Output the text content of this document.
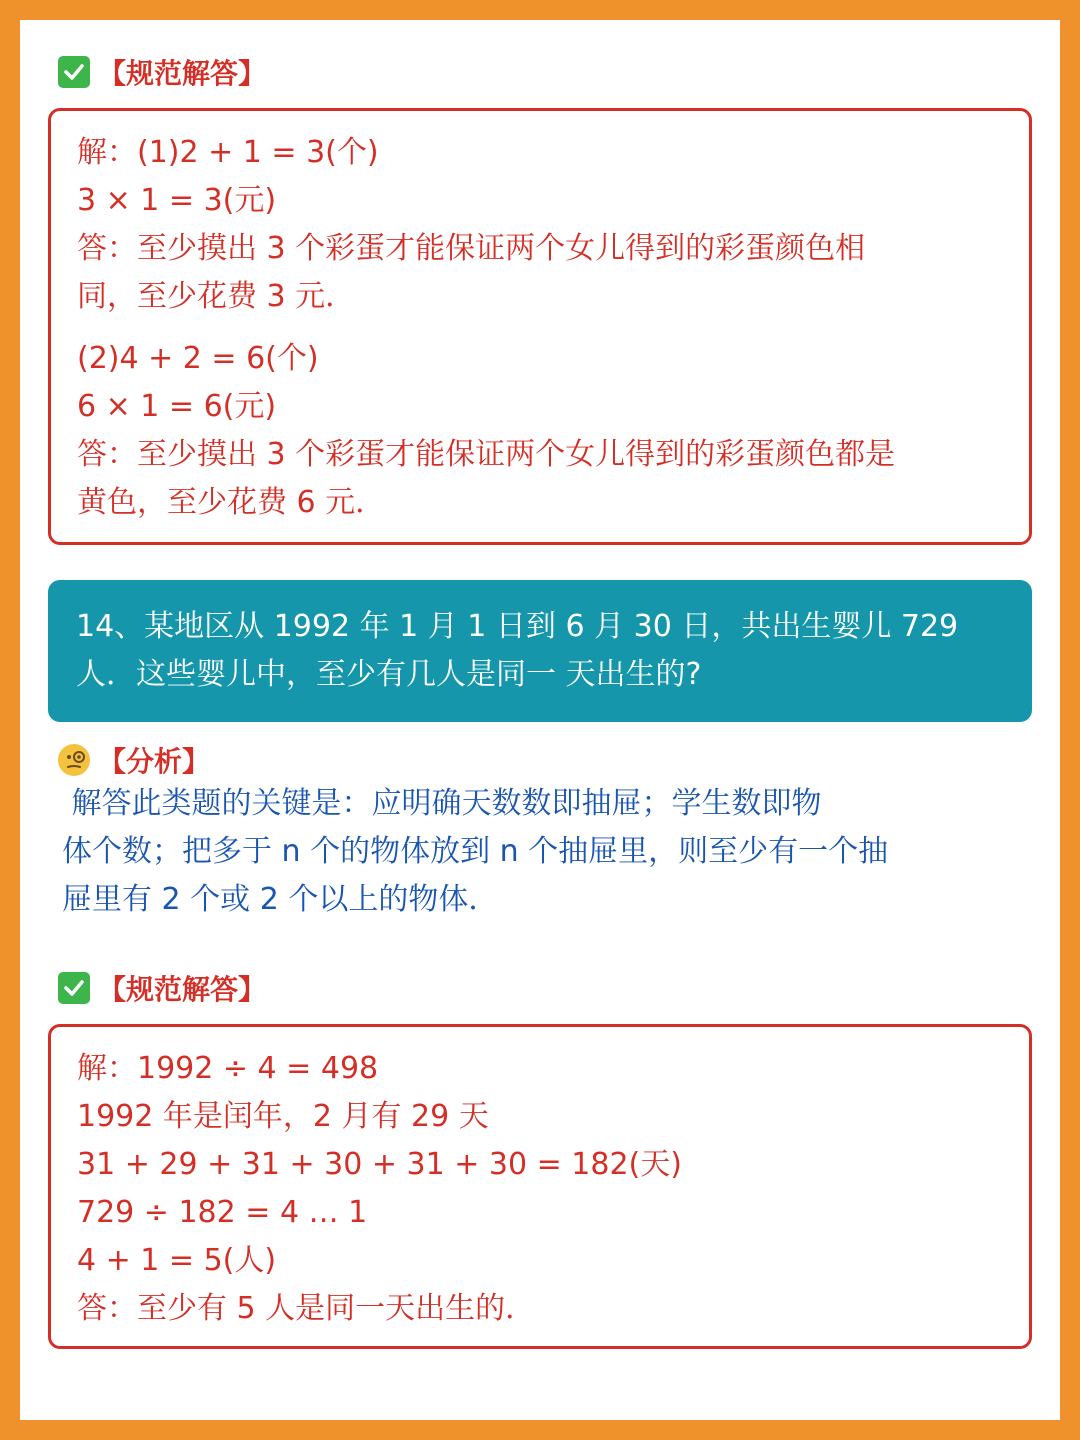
【规范解答】
解：(1)2 + 1 = 3(个)
3 × 1 = 3(元)
答：至少摸出 3 个彩蛋才能保证两个女儿得到的彩蛋颜色相
同，至少花费 3 元．
(2)4 + 2 = 6(个)
6 × 1 = 6(元)
答：至少摸出 3 个彩蛋才能保证两个女儿得到的彩蛋颜色都是
黄色，至少花费 6 元．
14、某地区从 1992 年 1 月 1 日到 6 月 30 日，共出生婴儿 729
人．这些婴儿中，至少有几人是同一 天出生的?
【分析】
解答此类题的关键是：应明确天数数即抽屉；学生数即物
体个数；把多于 n 个的物体放到 n 个抽屉里，则至少有一个抽
屉里有 2 个或 2 个以上的物体．
【规范解答】
解：1992 ÷ 4 = 498
1992 年是闰年，2 月有 29 天
31 + 29 + 31 + 30 + 31 + 30 = 182(天)
729 ÷ 182 = 4 … 1
4 + 1 = 5(人)
答：至少有 5 人是同一天出生的．
